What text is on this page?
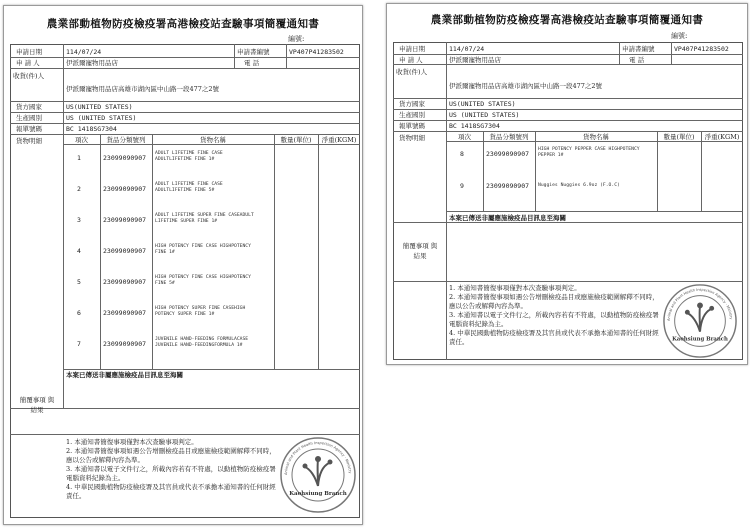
農業部動植物防疫檢疫署高港檢疫站查驗事項簡覆通知書
編號:
申請日期	114/07/24	申請書編號	VP407P41283502
申 請 人	伊派爾寵物用品店	電 話
收貨(件)人
伊派爾寵物用品店高雄市湖內區中山路一段477之2號
貨方國家	US(UNITED STATES)
生產國別	US (UNITED STATES)
報單號碼	BC 1418SG7304
貨物明細	項次	貨品分類號列	貨物名稱	數量(單位)	淨重(KGM)
1	23099090907
ADULT LIFETIME FINE CASE
ADULTLIFETIME FINE 1#
2	23099090907
ADULT LIFETIME FINE CASE
ADULTLIFETIME FINE 5#
3	23099090907
ADULT LIFETIME SUPER FINE CASEADULT
LIFETIME SUPER FINE 1#
4	23099090907
HIGH POTENCY FINE CASE HIGHPOTENCY
FINE 1#
5	23099090907
HIGH POTENCY FINE CASE HIGHPOTENCY
FINE 5#
6	23099090907
HIGH POTENCY SUPER FINE CASEHIGH
POTENCY SUPER FINE 1#
7	23099090907
JUVENILE HAND-FEEDING FORMULACASE
JUVENILE HAND-FEEDINGFORMULA 1#
本案已傳送非屬應施檢疫品目訊息至海關
簡覆事項 與結果
1. 本通知書簡復事項僅對本次查驗事項判定。
2. 本通知書簡復事項如遇公告增刪檢疫品目或應施檢疫範圍解釋不同時，應以公告或解釋內容為準。
3. 本通知書以電子文件行之，所載內容若有不符處，以動植物防疫檢疫署電腦資料紀錄為主。
4. 中華民國動植物防疫檢疫署及其官員或代表不承擔本通知書的任何財經責任。	Kaohsiung Branch
Animal and Plant Health Inspection Agency · Ministry
農業部動植物防疫檢疫署高港檢疫站查驗事項簡覆通知書
編號:
申請日期	114/07/24	申請書編號	VP407P41283502
申 請 人	伊派爾寵物用品店	電 話
收貨(件)人
伊派爾寵物用品店高雄市湖內區中山路一段477之2號
貨方國家	US(UNITED STATES)
生產國別	US (UNITED STATES)
報單號碼	BC 1418SG7304
貨物明細	項次	貨品分類號列	貨物名稱	數量(單位)	淨重(KGM)
8	23099090907
HIGH POTENCY PEPPER CASE HIGHPOTENCY
PEPPER 1#
9	23099090907 Nuggies Nuggies 6.9oz (F.O.C)
本案已傳送非屬應施檢疫品目訊息至海關
簡覆事項 與結果
1. 本通知書簡復事項僅對本次查驗事項判定。
2. 本通知書簡復事項如遇公告增刪檢疫品目或應施檢疫範圍解釋不同時，應以公告或解釋內容為準。
3. 本通知書以電子文件行之，所載內容若有不符處，以動植物防疫檢疫署電腦資料紀錄為主。
4. 中華民國動植物防疫檢疫署及其官員或代表不承擔本通知書的任何財經責任。	Kaohsiung Branch
Animal and Plant Health Inspection Agency · Ministry
